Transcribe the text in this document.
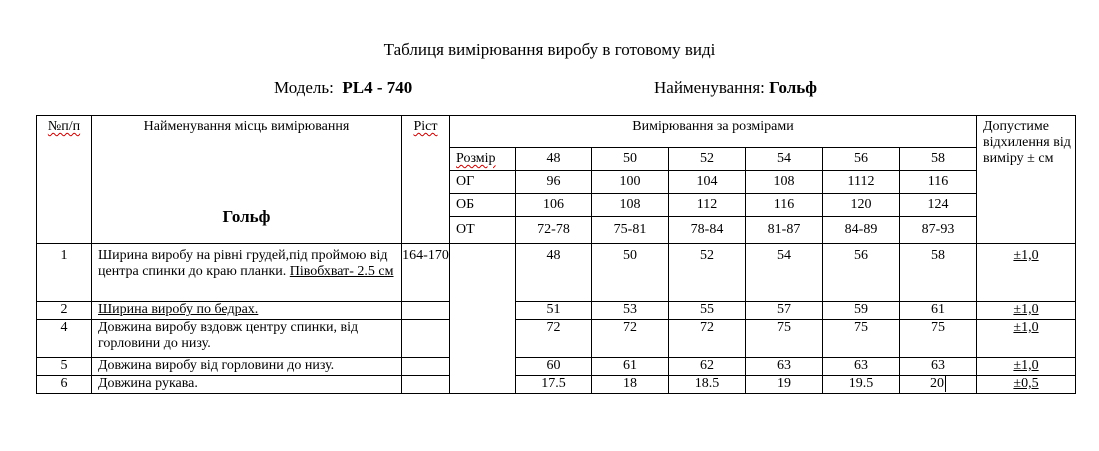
Таблиця вимірювання виробу в готовому виді
Модель: PL4 - 740	Найменування: Гольф
№п/п	Найменування місць вимірювання
Гольф	Ріст	Вимірювання за розмірами							Допустиме відхилення від виміру ± см
			Розмір	48	50	52	54	56	58	
			ОГ	96	100	104	108	1112	116	
			ОБ	106	108	112	116	120	124	
			ОТ	72-78	75-81	78-84	81-87	84-89	87-93	
1	Ширина виробу на рівні грудей,під проймою від центра спинки до краю планки. Півобхват- 2.5 см	164-170		48	50	52	54	56	58	±1,0
2	Ширина виробу по бедрах.			51	53	55	57	59	61	±1,0
4	Довжина виробу вздовж центру спинки, від горловини до низу.			72	72	72	75	75	75	±1,0
5	Довжина виробу від горловини до низу.			60	61	62	63	63	63	±1,0
6	Довжина рукава.			17.5	18	18.5	19	19.5	20	±0,5
